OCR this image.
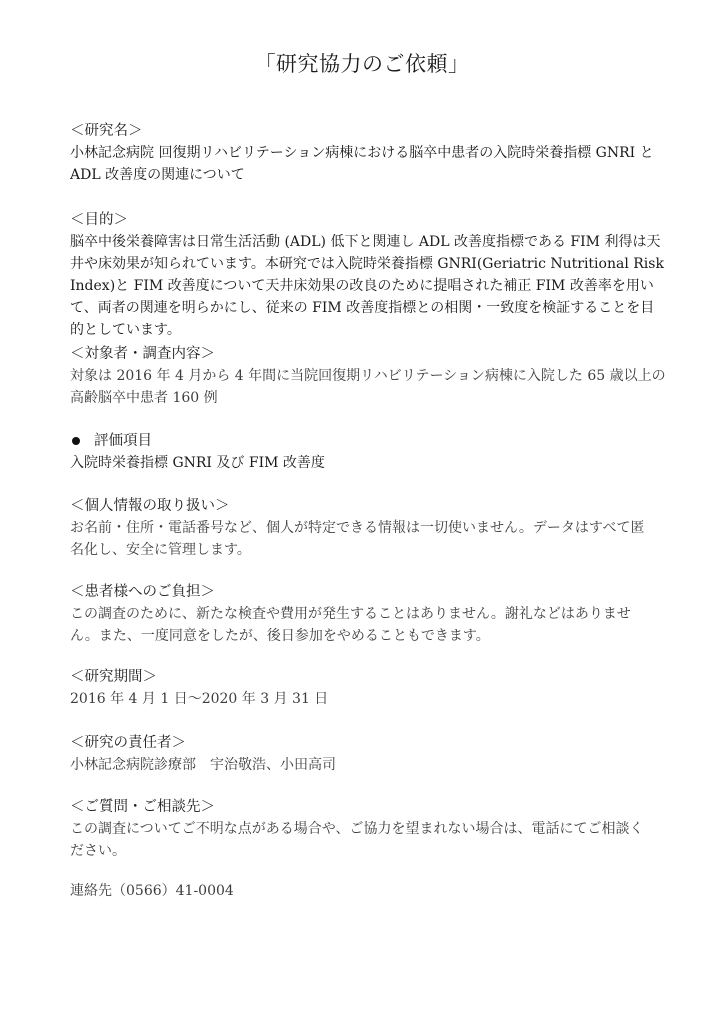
「研究協力のご依頼」

＜研究名＞

小林記念病院 回復期リハビリテーション病棟における脳卒中患者の入院時栄養指標 GNRI と

ADL 改善度の関連について

＜目的＞

脳卒中後栄養障害は日常生活活動 (ADL) 低下と関連し ADL 改善度指標である FIM 利得は天

井や床効果が知られています。本研究では入院時栄養指標 GNRI(Geriatric Nutritional Risk

Index)と FIM 改善度について天井床効果の改良のために提唱された補正 FIM 改善率を用い

て、両者の関連を明らかにし、従来の FIM 改善度指標との相関・一致度を検証することを目

的としています。

＜対象者・調査内容＞

対象は 2016 年 4 月から 4 年間に当院回復期リハビリテーション病棟に入院した 65 歳以上の

高齢脳卒中患者 160 例

評価項目

入院時栄養指標 GNRI 及び FIM 改善度

＜個人情報の取り扱い＞

お名前・住所・電話番号など、個人が特定できる情報は一切使いません。データはすべて匿

名化し、安全に管理します。

＜患者様へのご負担＞

この調査のために、新たな検査や費用が発生することはありません。謝礼などはありませ

ん。また、一度同意をしたが、後日参加をやめることもできます。

＜研究期間＞

2016 年 4 月 1 日～2020 年 3 月 31 日

＜研究の責任者＞

小林記念病院診療部　宇治敬浩、小田高司

＜ご質問・ご相談先＞

この調査についてご不明な点がある場合や、ご協力を望まれない場合は、電話にてご相談く

ださい。

連絡先（0566）41-0004
